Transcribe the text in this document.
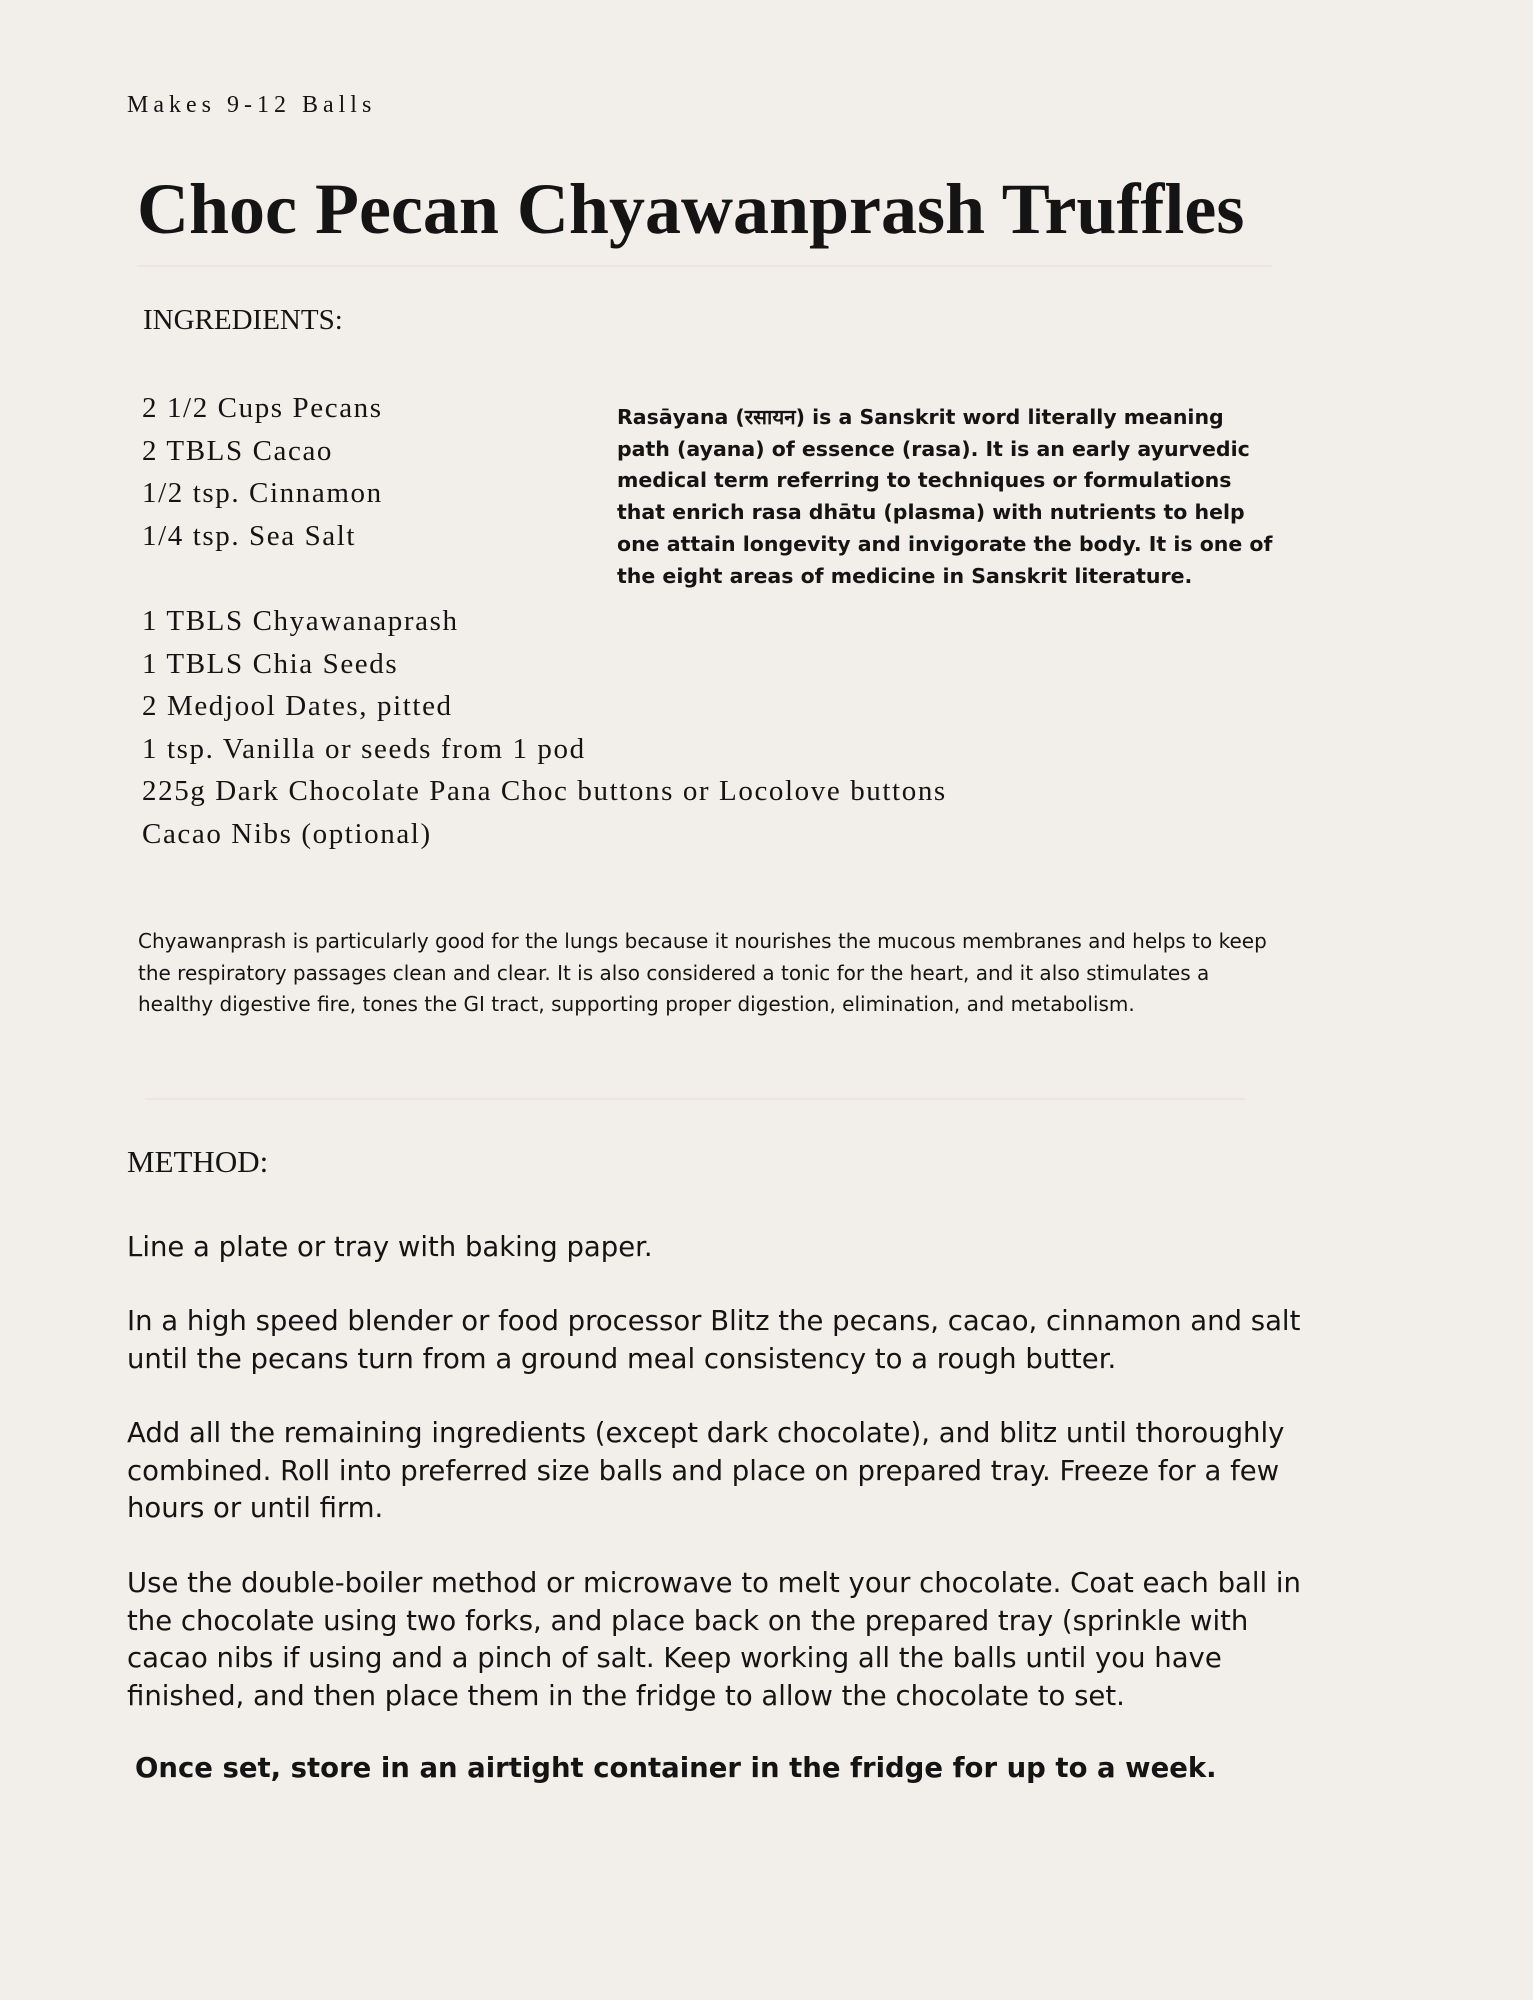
Makes 9-12 Balls
Choc Pecan Chyawanprash Truffles
INGREDIENTS:
2 1/2 Cups Pecans
2 TBLS Cacao
1/2 tsp. Cinnamon
1/4 tsp. Sea Salt

Rasāyana (रसायन) is a Sanskrit word literally meaning path (ayana) of essence (rasa). It is an early ayurvedic medical term referring to techniques or formulations that enrich rasa dhātu (plasma) with nutrients to help one attain longevity and invigorate the body. It is one of the eight areas of medicine in Sanskrit literature.

1 TBLS Chyawanaprash
1 TBLS Chia Seeds
2 Medjool Dates, pitted
1 tsp. Vanilla or seeds from 1 pod
225g Dark Chocolate Pana Choc buttons or Locolove buttons
Cacao Nibs (optional)

Chyawanprash is particularly good for the lungs because it nourishes the mucous membranes and helps to keep the respiratory passages clean and clear. It is also considered a tonic for the heart, and it also stimulates a healthy digestive fire, tones the GI tract, supporting proper digestion, elimination, and metabolism.

METHOD:

Line a plate or tray with baking paper.

In a high speed blender or food processor Blitz the pecans, cacao, cinnamon and salt until the pecans turn from a ground meal consistency to a rough butter.

Add all the remaining ingredients (except dark chocolate), and blitz until thoroughly combined. Roll into preferred size balls and place on prepared tray. Freeze for a few hours or until firm.

Use the double-boiler method or microwave to melt your chocolate. Coat each ball in the chocolate using two forks, and place back on the prepared tray (sprinkle with cacao nibs if using and a pinch of salt. Keep working all the balls until you have finished, and then place them in the fridge to allow the chocolate to set.

Once set, store in an airtight container in the fridge for up to a week.
